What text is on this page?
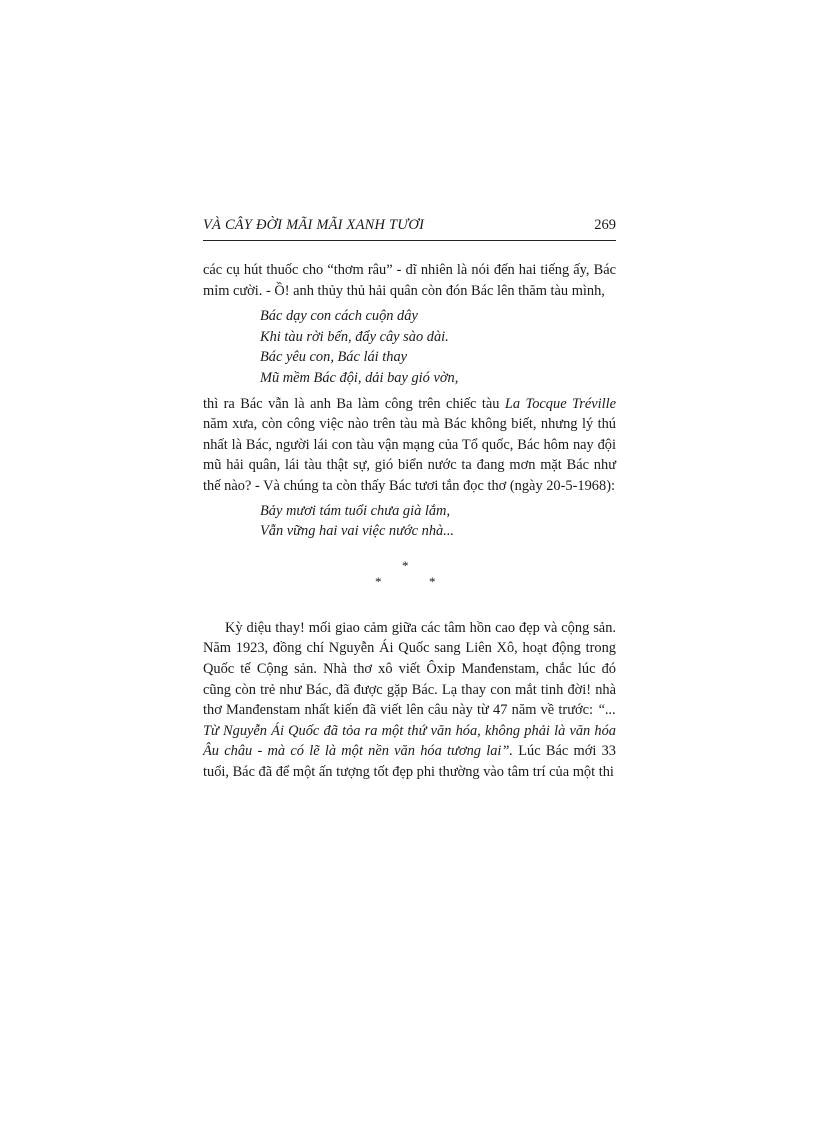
VÀ CÂY ĐỜI MÃI MÃI XANH TƯƠI	269

các cụ hút thuốc cho “thơm râu” - dĩ nhiên là nói đến hai tiếng ấy, Bác mỉm cười. - Ồ! anh thủy thủ hải quân còn đón Bác lên thăm tàu mình,

Bác dạy con cách cuộn dây
Khi tàu rời bến, đẩy cây sào dài.
Bác yêu con, Bác lái thay
Mũ mềm Bác đội, dải bay gió vờn,

thì ra Bác vẫn là anh Ba làm công trên chiếc tàu La Tocque Tréville năm xưa, còn công việc nào trên tàu mà Bác không biết, nhưng lý thú nhất là Bác, người lái con tàu vận mạng của Tổ quốc, Bác hôm nay đội mũ hải quân, lái tàu thật sự, gió biển nước ta đang mơn mặt Bác như thế nào? - Và chúng ta còn thấy Bác tươi tắn đọc thơ (ngày 20-5-1968):

Bảy mươi tám tuổi chưa già lắm,
Vẫn vững hai vai việc nước nhà...
*
*	*

Kỳ diệu thay! mối giao cảm giữa các tâm hồn cao đẹp và cộng sản. Năm 1923, đồng chí Nguyễn Ái Quốc sang Liên Xô, hoạt động trong Quốc tế Cộng sản. Nhà thơ xô viết Ôxip Manđenstam, chắc lúc đó cũng còn trẻ như Bác, đã được gặp Bác. Lạ thay con mắt tinh đời! nhà thơ Manđenstam nhất kiến đã viết lên câu này từ 47 năm về trước: “... Từ Nguyễn Ái Quốc đã tỏa ra một thứ văn hóa, không phải là văn hóa Âu châu - mà có lẽ là một nền văn hóa tương lai”. Lúc Bác mới 33 tuổi, Bác đã để một ấn tượng tốt đẹp phi thường vào tâm trí của một thi
